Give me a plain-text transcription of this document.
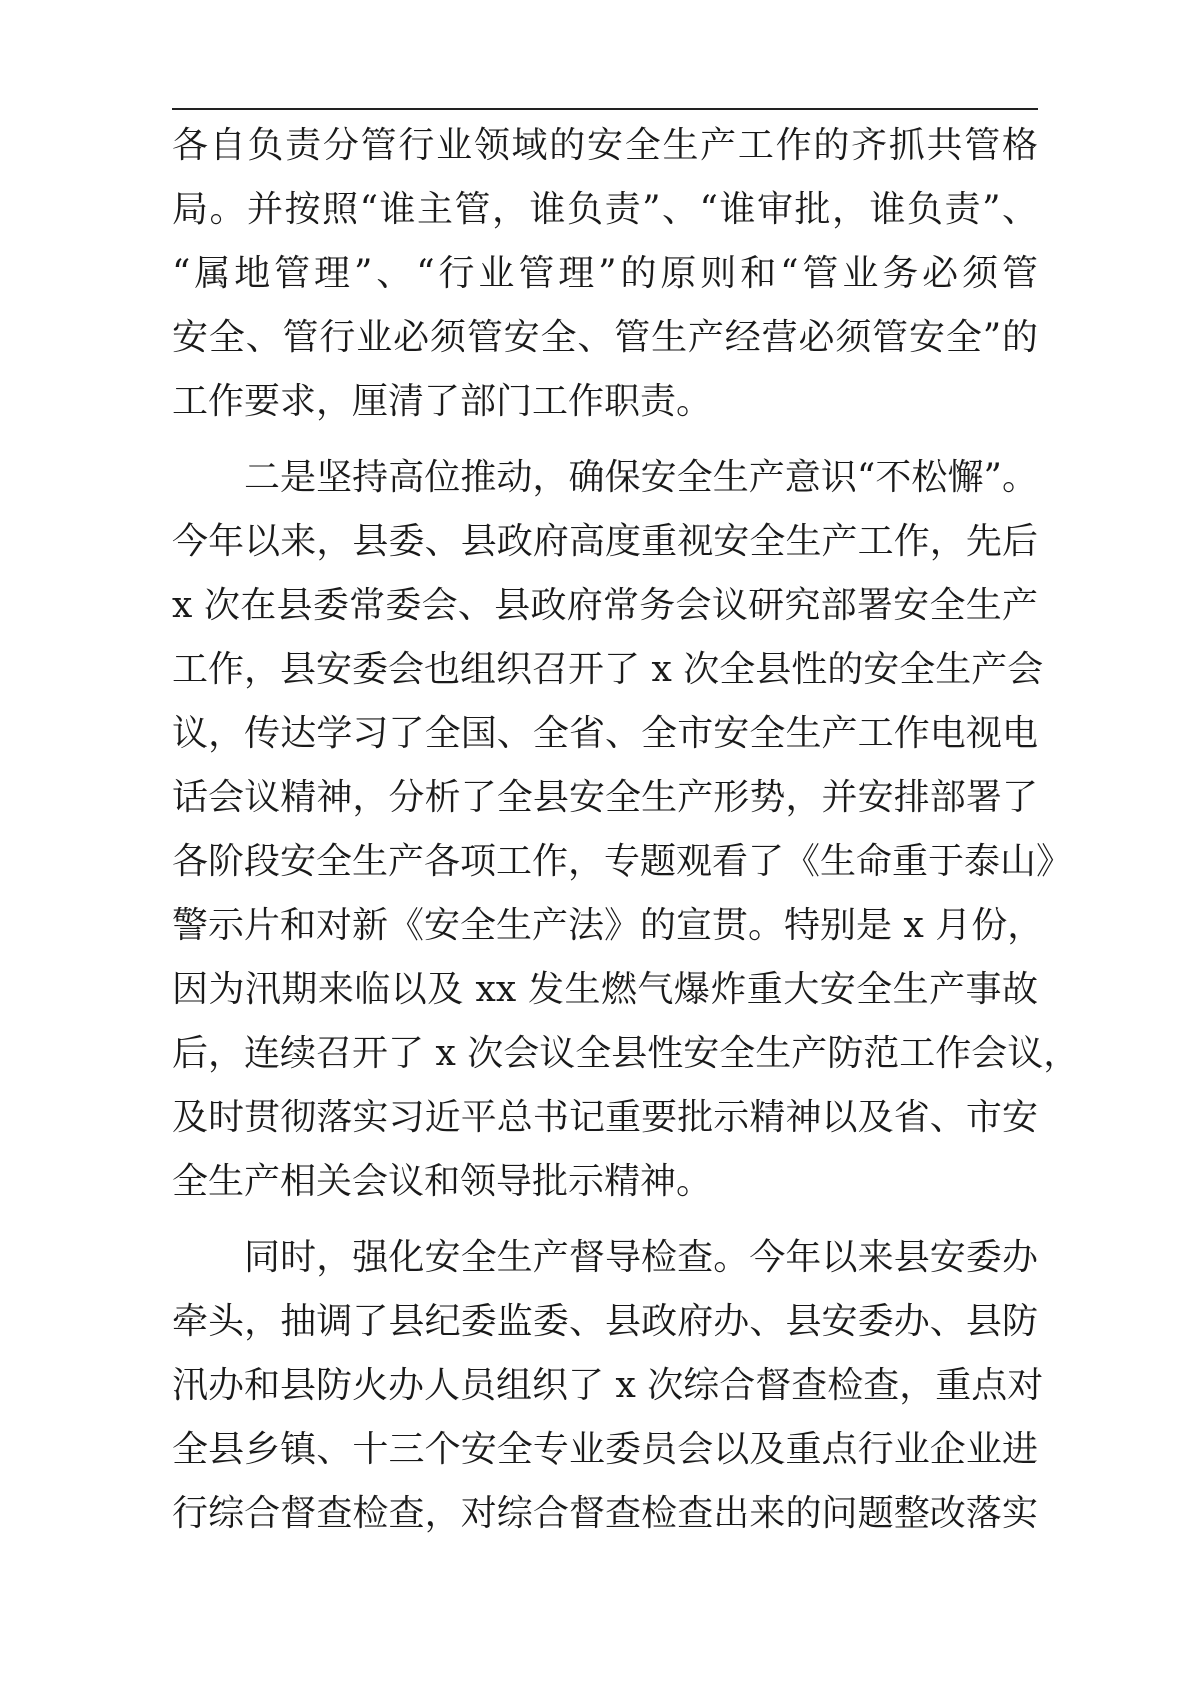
各自负责分管行业领域的安全生产工作的齐抓共管格
局。并按照“谁主管，谁负责”、“谁审批，谁负责”、
“属地管理”、“行业管理”的原则和“管业务必须管
安全、管行业必须管安全、管生产经营必须管安全”的
工作要求，厘清了部门工作职责。
二是坚持高位推动，确保安全生产意识“不松懈”。
今年以来，县委、县政府高度重视安全生产工作，先后
x 次在县委常委会、县政府常务会议研究部署安全生产
工作，县安委会也组织召开了 x 次全县性的安全生产会
议，传达学习了全国、全省、全市安全生产工作电视电
话会议精神，分析了全县安全生产形势，并安排部署了
各阶段安全生产各项工作，专题观看了《生命重于泰山》
警示片和对新《安全生产法》的宣贯。特别是 x 月份，
因为汛期来临以及 xx 发生燃气爆炸重大安全生产事故
后，连续召开了 x 次会议全县性安全生产防范工作会议，
及时贯彻落实习近平总书记重要批示精神以及省、市安
全生产相关会议和领导批示精神。
同时，强化安全生产督导检查。今年以来县安委办
牵头，抽调了县纪委监委、县政府办、县安委办、县防
汛办和县防火办人员组织了 x 次综合督查检查，重点对
全县乡镇、十三个安全专业委员会以及重点行业企业进
行综合督查检查，对综合督查检查出来的问题整改落实
